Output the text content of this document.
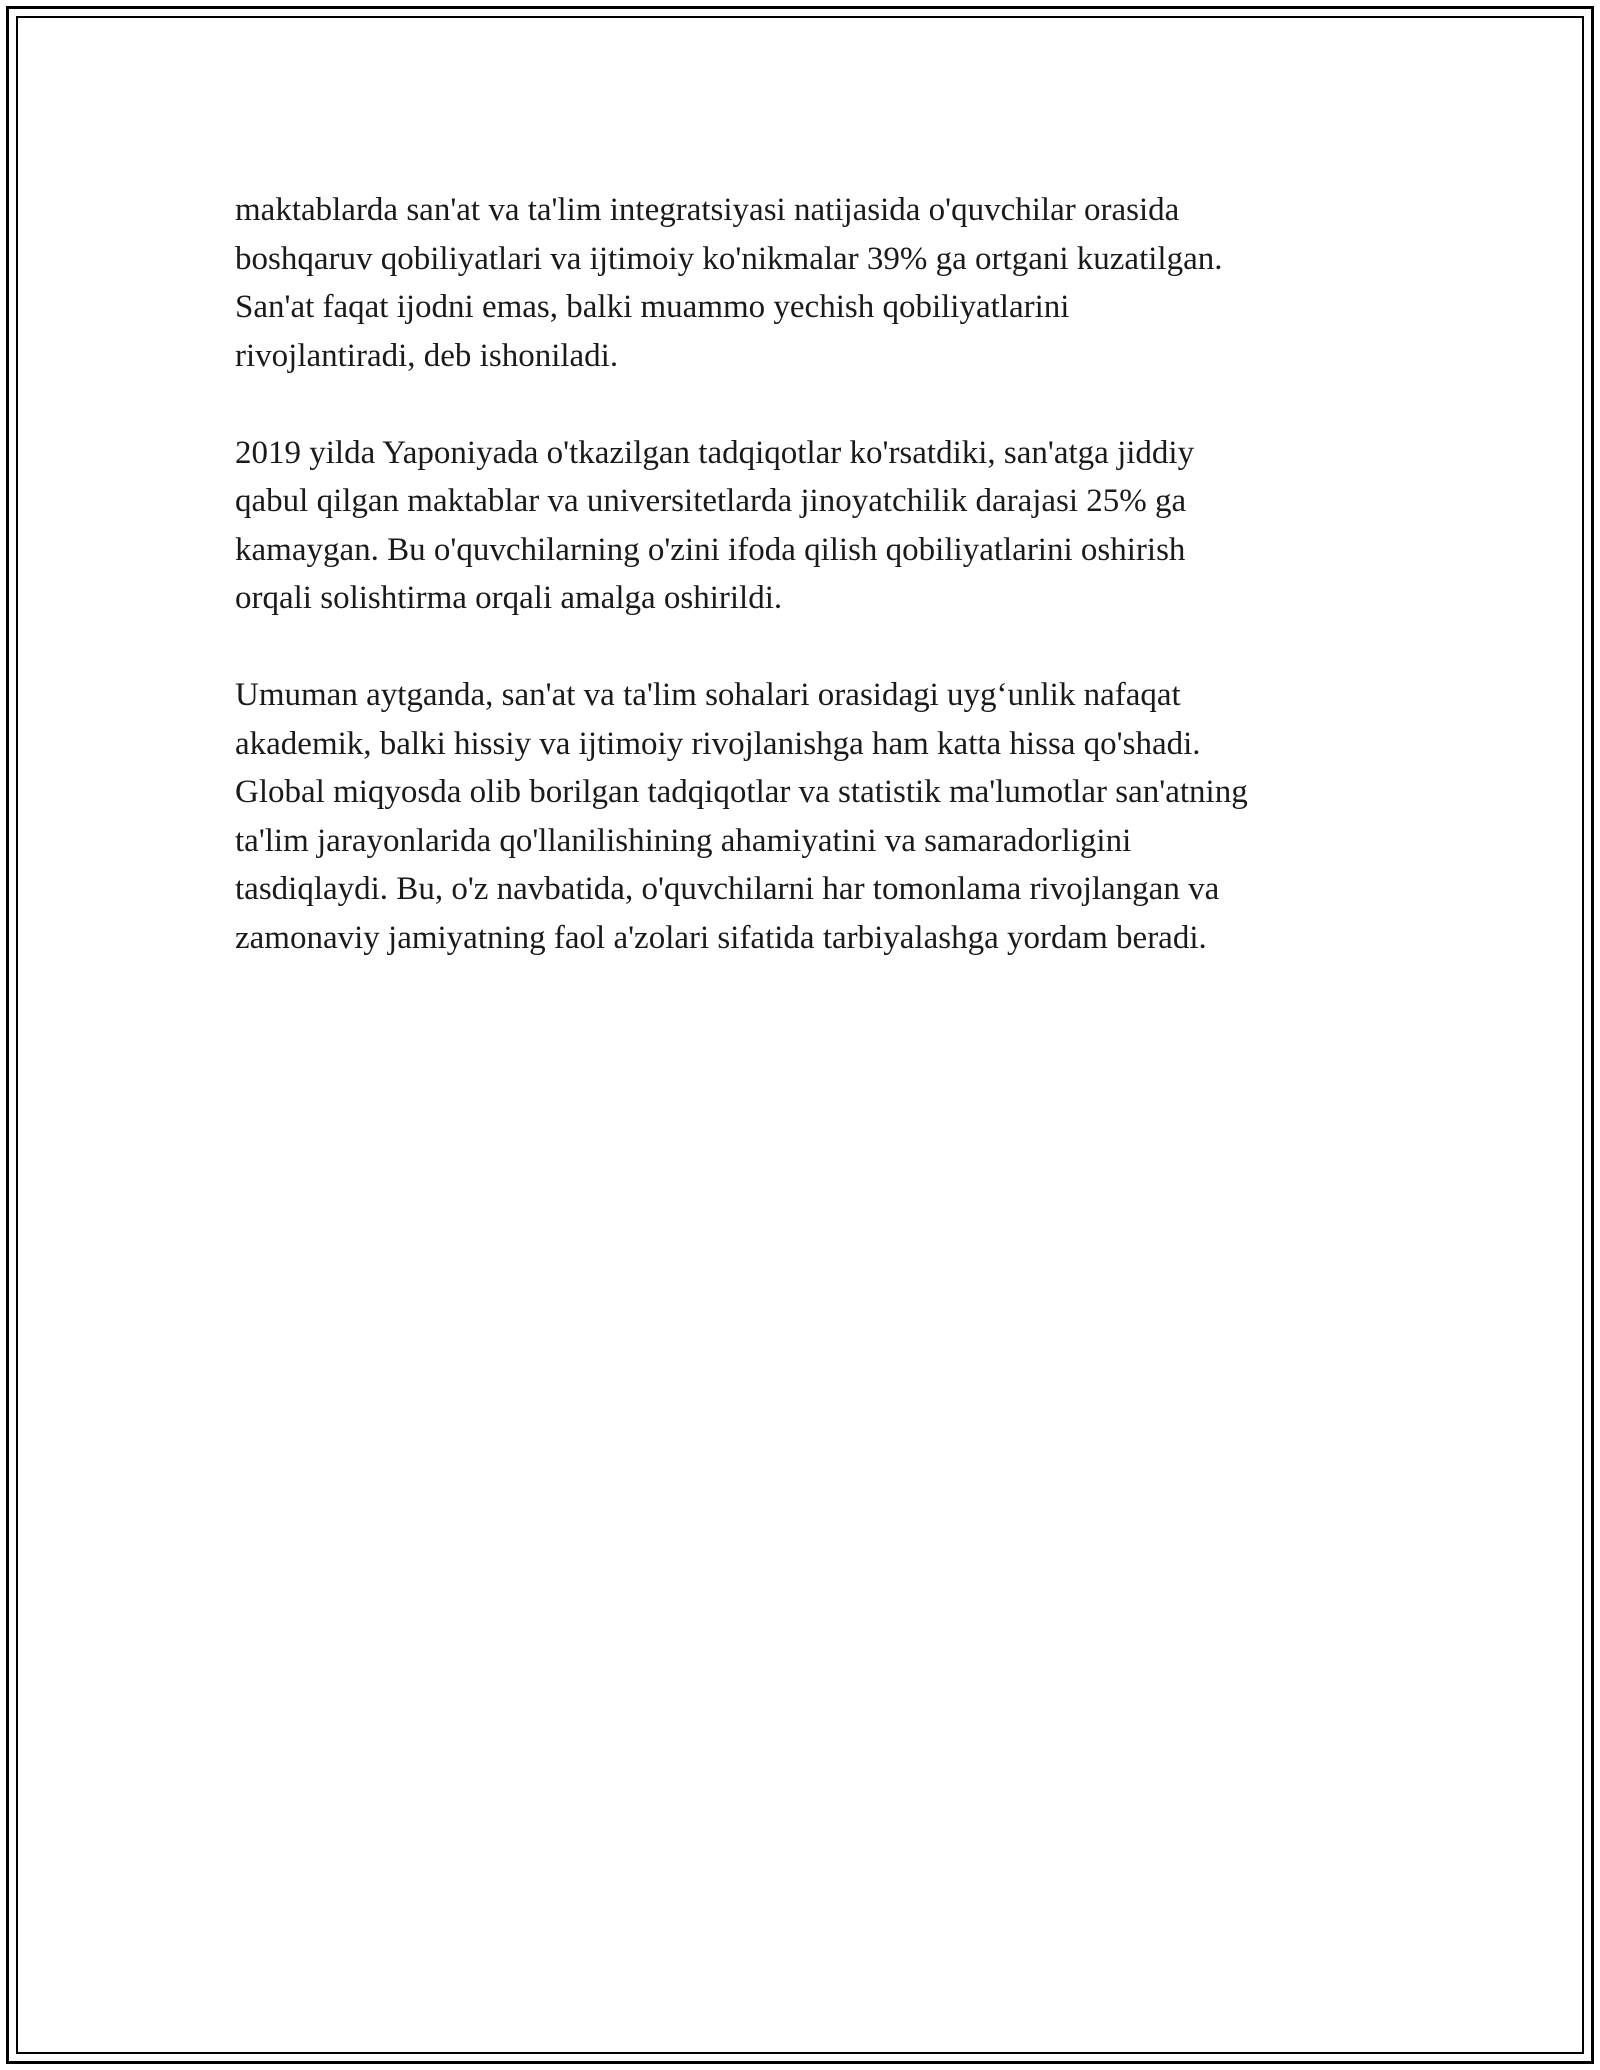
maktablarda san'at va ta'lim integratsiyasi natijasida o'quvchilar orasida
boshqaruv qobiliyatlari va ijtimoiy ko'nikmalar 39% ga ortgani kuzatilgan.
San'at faqat ijodni emas, balki muammo yechish qobiliyatlarini
rivojlantiradi, deb ishoniladi.

2019 yilda Yaponiyada o'tkazilgan tadqiqotlar ko'rsatdiki, san'atga jiddiy
qabul qilgan maktablar va universitetlarda jinoyatchilik darajasi 25% ga
kamaygan. Bu o'quvchilarning o'zini ifoda qilish qobiliyatlarini oshirish
orqali solishtirma orqali amalga oshirildi.

Umuman aytganda, san'at va ta'lim sohalari orasidagi uyg‘unlik nafaqat
akademik, balki hissiy va ijtimoiy rivojlanishga ham katta hissa qo'shadi.
Global miqyosda olib borilgan tadqiqotlar va statistik ma'lumotlar san'atning
ta'lim jarayonlarida qo'llanilishining ahamiyatini va samaradorligini
tasdiqlaydi. Bu, o'z navbatida, o'quvchilarni har tomonlama rivojlangan va
zamonaviy jamiyatning faol a'zolari sifatida tarbiyalashga yordam beradi.
